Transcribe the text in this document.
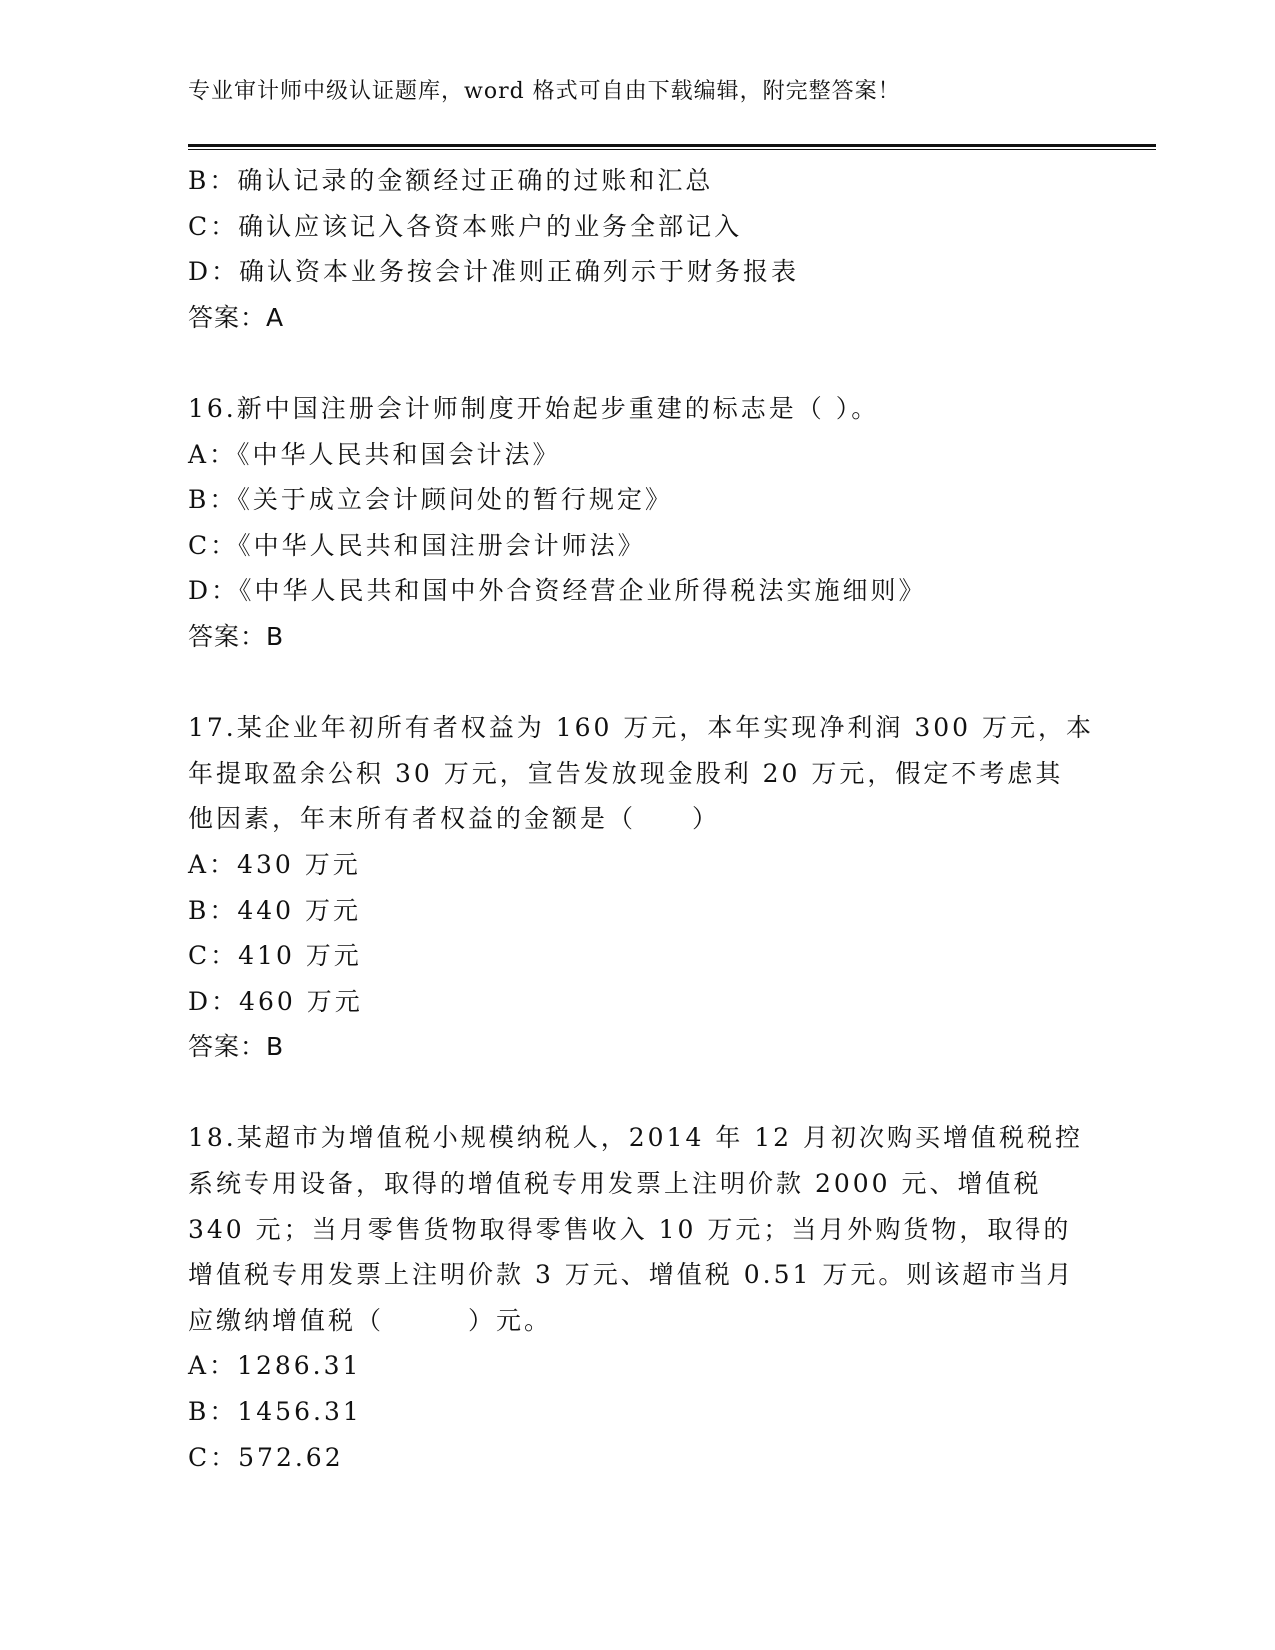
专业审计师中级认证题库，word 格式可自由下载编辑，附完整答案！
B：确认记录的金额经过正确的过账和汇总
C：确认应该记入各资本账户的业务全部记入
D：确认资本业务按会计准则正确列示于财务报表
答案：A
16.新中国注册会计师制度开始起步重建的标志是（ ）。
A：《中华人民共和国会计法》
B：《关于成立会计顾问处的暂行规定》
C：《中华人民共和国注册会计师法》
D：《中华人民共和国中外合资经营企业所得税法实施细则》
答案：B
17.某企业年初所有者权益为 160 万元，本年实现净利润 300 万元，本
年提取盈余公积 30 万元，宣告发放现金股利 20 万元，假定不考虑其
他因素，年末所有者权益的金额是（　　）
A：430 万元
B：440 万元
C：410 万元
D：460 万元
答案：B
18.某超市为增值税小规模纳税人，2014 年 12 月初次购买增值税税控
系统专用设备，取得的增值税专用发票上注明价款 2000 元、增值税
340 元；当月零售货物取得零售收入 10 万元；当月外购货物，取得的
增值税专用发票上注明价款 3 万元、增值税 0.51 万元。则该超市当月
应缴纳增值税（　　　）元。
A：1286.31
B：1456.31
C：572.62
